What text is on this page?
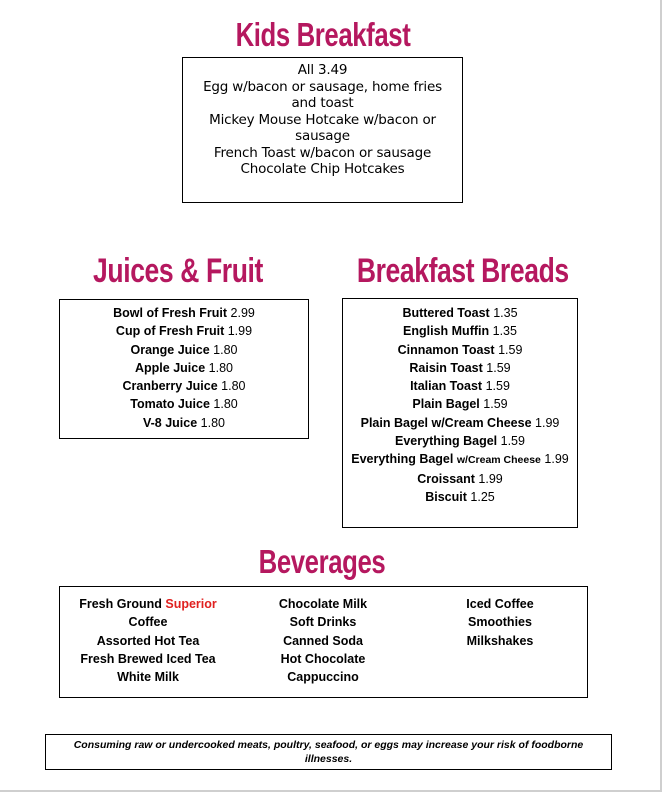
Kids Breakfast
All 3.49
Egg w/bacon or sausage, home fries
and toast
Mickey Mouse Hotcake w/bacon or
sausage
French Toast w/bacon or sausage
Chocolate Chip Hotcakes
Juices & Fruit
Bowl of Fresh Fruit 2.99
Cup of Fresh Fruit 1.99
Orange Juice 1.80
Apple Juice 1.80
Cranberry Juice 1.80
Tomato Juice 1.80
V-8 Juice 1.80
Breakfast Breads
Buttered Toast 1.35
English Muffin 1.35
Cinnamon Toast 1.59
Raisin Toast 1.59
Italian Toast 1.59
Plain Bagel 1.59
Plain Bagel w/Cream Cheese 1.99
Everything Bagel 1.59
Everything Bagel w/Cream Cheese 1.99
Croissant 1.99
Biscuit 1.25
Beverages
Fresh Ground Superior
Coffee
Assorted Hot Tea
Fresh Brewed Iced Tea
White Milk
Chocolate Milk
Soft Drinks
Canned Soda
Hot Chocolate
Cappuccino
Iced Coffee
Smoothies
Milkshakes
Consuming raw or undercooked meats, poultry, seafood, or eggs may increase your risk of foodborne
illnesses.
